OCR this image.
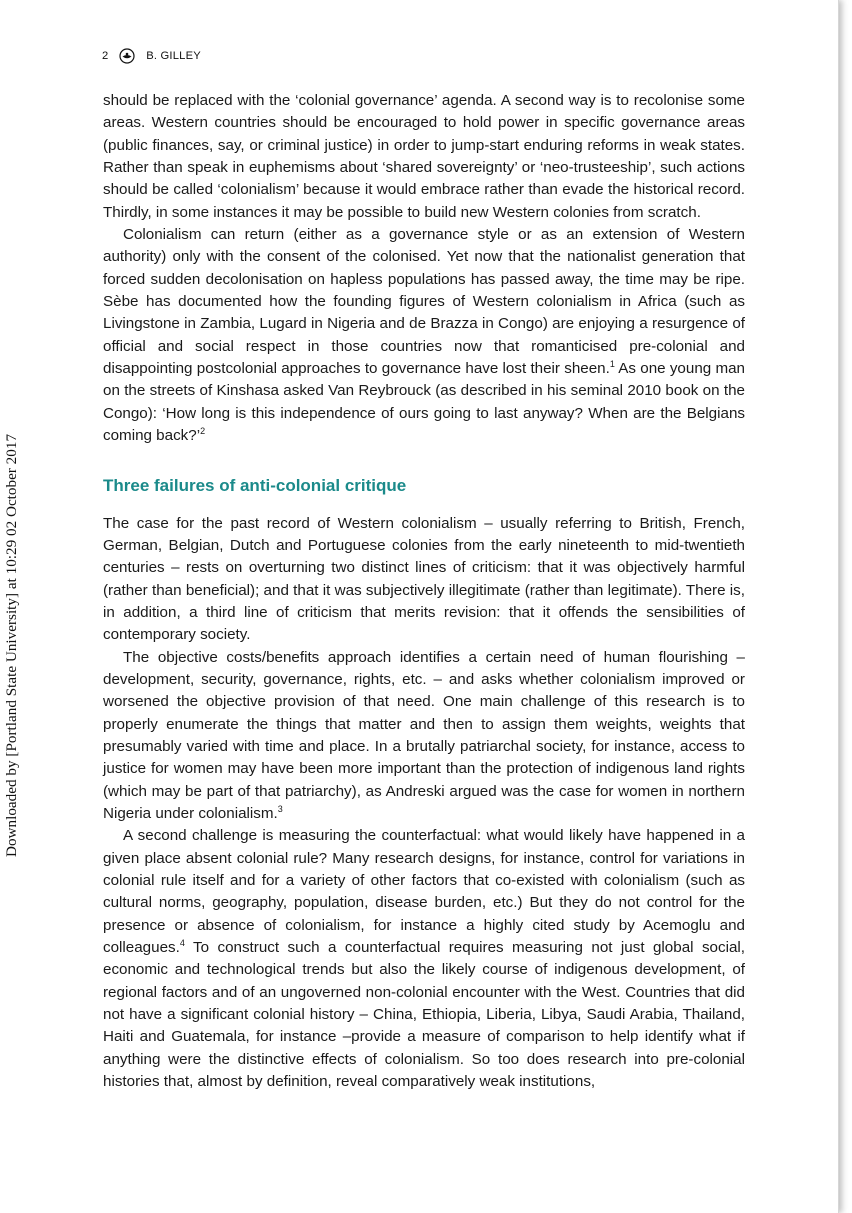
Downloaded by [Portland State University] at 10:29 02 October 2017
2	B. GILLEY

should be replaced with the ‘colonial governance’ agenda. A second way is to recolonise some areas. Western countries should be encouraged to hold power in specific governance areas (public finances, say, or criminal justice) in order to jump-start enduring reforms in weak states. Rather than speak in euphemisms about ‘shared sovereignty’ or ‘neo-trusteeship’, such actions should be called ‘colonialism’ because it would embrace rather than evade the historical record. Thirdly, in some instances it may be possible to build new Western colonies from scratch.

Colonialism can return (either as a governance style or as an extension of Western authority) only with the consent of the colonised. Yet now that the nationalist generation that forced sudden decolonisation on hapless populations has passed away, the time may be ripe. Sèbe has documented how the founding figures of Western colonialism in Africa (such as Livingstone in Zambia, Lugard in Nigeria and de Brazza in Congo) are enjoying a resurgence of official and social respect in those countries now that romanticised pre-colonial and disappointing postcolonial approaches to governance have lost their sheen.$^1$ As one young man on the streets of Kinshasa asked Van Reybrouck (as described in his seminal 2010 book on the Congo): ‘How long is this independence of ours going to last anyway? When are the Belgians coming back?’$^2$

Three failures of anti-colonial critique

The case for the past record of Western colonialism – usually referring to British, French, German, Belgian, Dutch and Portuguese colonies from the early nineteenth to mid-twentieth centuries – rests on overturning two distinct lines of criticism: that it was objectively harmful (rather than beneficial); and that it was subjectively illegitimate (rather than legitimate). There is, in addition, a third line of criticism that merits revision: that it offends the sensibilities of contemporary society.

The objective costs/benefits approach identifies a certain need of human flourishing – development, security, governance, rights, etc. – and asks whether colonialism improved or worsened the objective provision of that need. One main challenge of this research is to properly enumerate the things that matter and then to assign them weights, weights that presumably varied with time and place. In a brutally patriarchal society, for instance, access to justice for women may have been more important than the protection of indigenous land rights (which may be part of that patriarchy), as Andreski argued was the case for women in northern Nigeria under colonialism.$^3$

A second challenge is measuring the counterfactual: what would likely have happened in a given place absent colonial rule? Many research designs, for instance, control for variations in colonial rule itself and for a variety of other factors that co-existed with colonialism (such as cultural norms, geography, population, disease burden, etc.) But they do not control for the presence or absence of colonialism, for instance a highly cited study by Acemoglu and colleagues.$^4$ To construct such a counterfactual requires measuring not just global social, economic and technological trends but also the likely course of indigenous development, of regional factors and of an ungoverned non-colonial encounter with the West. Countries that did not have a significant colonial history – China, Ethiopia, Liberia, Libya, Saudi Arabia, Thailand, Haiti and Guatemala, for instance –provide a measure of comparison to help identify what if anything were the distinctive effects of colonialism. So too does research into pre-colonial histories that, almost by definition, reveal comparatively weak institutions,
